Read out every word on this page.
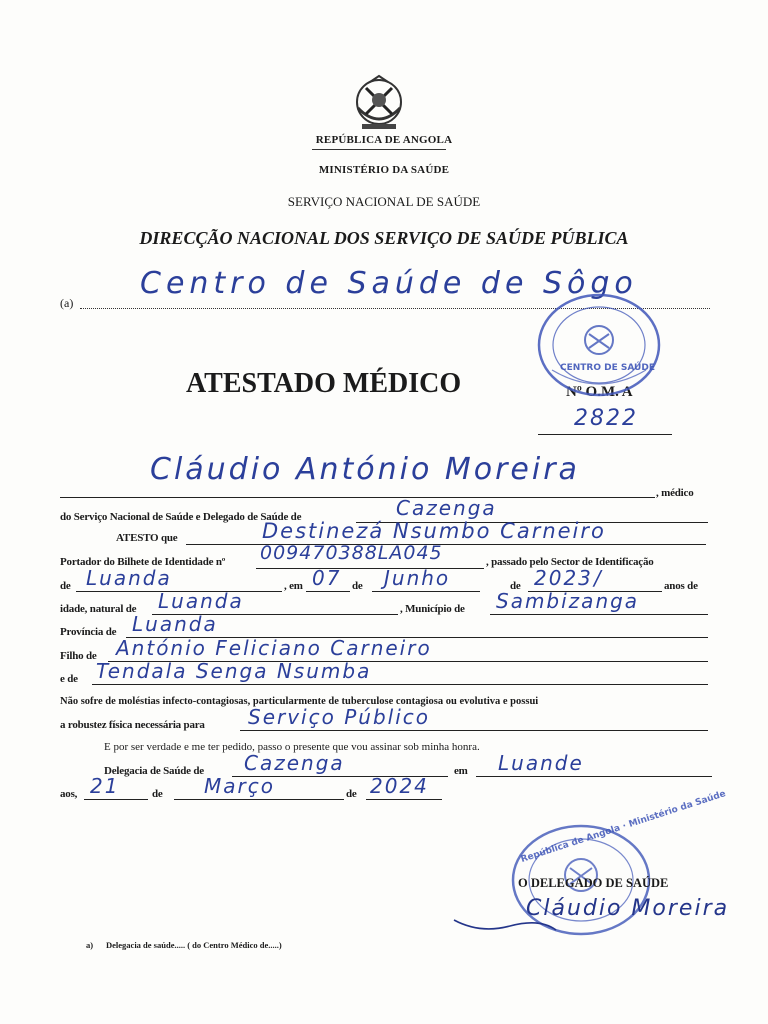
REPÚBLICA DE ANGOLA
MINISTÉRIO DA SAÚDE
SERVIÇO NACIONAL DE SAÚDE
DIRECÇÃO NACIONAL DOS SERVIÇO DE SAÚDE PÚBLICA
(a)
Centro de Saúde de Sôgo
ATESTADO MÉDICO	Nº O.M. A
2822
Cláudio António Moreira
, médico
do Serviço Nacional de Saúde e Delegado de Saúde de	Cazenga
ATESTO que	Destinezá Nsumbo Carneiro
Portador do Bilhete de Identidade nº 009470388LA045	, passado pelo Sector de Identificação
de Luanda	, em 07 de Junho	de 2023 /	anos de
idade, natural de Luanda	, Município de Sambizanga
Província de Luanda
Filho de António Feliciano Carneiro
e de Tendala Senga Nsumba
Não sofre de moléstias infecto-contagiosas, particularmente de tuberculose contagiosa ou evolutiva e possui
a robustez física necessária para Serviço Público
E por ser verdade e me ter pedido, passo o presente que vou assinar sob minha honra.
Delegacia de Saúde de Cazenga	em Luande
aos, 21	de Março	de 2024
CENTRO DE SAÚDE
República de Angola · Ministério da Saúde
O DELEGADO DE SAÚDE
Cláudio Moreira
a) Delegacia de saúde..... ( do Centro Médico de.....)
